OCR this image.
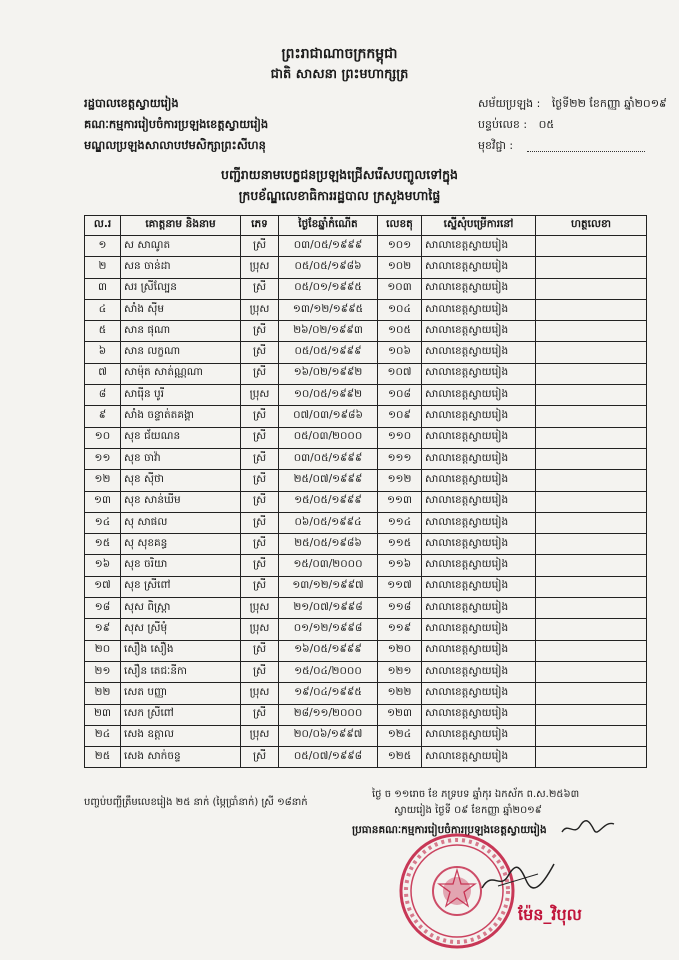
ព្រះរាជាណាចក្រកម្ពុជា
ជាតិ សាសនា ព្រះមហាក្សត្រ
រដ្ឋបាលខេត្តស្វាយរៀង
គណៈកម្មការរៀបចំការប្រឡងខេត្តស្វាយរៀង
មណ្ឌលប្រឡងសាលាបឋមសិក្សាព្រះសីហនុ
សម័យប្រឡង : ថ្ងៃទី២២ ខែកញ្ញា ឆ្នាំ២០១៩
បន្ទប់លេខ : ០៥
មុខវិជ្ជា :
បញ្ជីរាយនាមបេក្ខជនប្រឡងជ្រើសរើសបញ្ចូលទៅក្នុង
ក្របខ័ណ្ឌលេខាធិការរដ្ឋបាល ក្រសួងមហាផ្ទៃ
ល.រ	គោត្តនាម និងនាម	ភេទ	ថ្ងៃខែឆ្នាំកំណើត	លេខតុ	ស្នើសុំបម្រើការនៅ	ហត្ថលេខា
១	ស សាណូត	ស្រី	០៣/០៥/១៩៩៩	១០១	សាលាខេត្តស្វាយរៀង	
២	សន ចាន់ដា	ប្រុស	០៥/០៥/១៩៨៦	១០២	សាលាខេត្តស្វាយរៀង	
៣	សរ ស្រីល្បែន	ស្រី	០៥/០១/១៩៩៥	១០៣	សាលាខេត្តស្វាយរៀង	
៤	សាំង ស៊ីម	ប្រុស	១៣/១២/១៩៩៥	១០៤	សាលាខេត្តស្វាយរៀង	
៥	សាន ផុណា	ស្រី	២៦/០២/១៩៩៣	១០៥	សាលាខេត្តស្វាយរៀង	
៦	សាន លក្ខណា	ស្រី	០៥/០៥/១៩៩៩	១០៦	សាលាខេត្តស្វាយរៀង	
៧	សាម៉ុត សាត់ណ្ណណា	ស្រី	១៦/០២/១៩៩២	១០៧	សាលាខេត្តស្វាយរៀង	
៨	សារ៉ើន បូរី	ប្រុស	១០/០៥/១៩៩២	១០៨	សាលាខេត្តស្វាយរៀង	
៩	សាំង ចន្ទាត់តគង្គា	ស្រី	០៧/០៣/១៩៨៦	១០៩	សាលាខេត្តស្វាយរៀង	
១០	សុខ ជ័យណន	ស្រី	០៥/០៣/២០០០	១១០	សាលាខេត្តស្វាយរៀង	
១១	សុខ ចាវ៉ា	ស្រី	០៣/០៥/១៩៩៩	១១១	សាលាខេត្តស្វាយរៀង	
១២	សុខ ស៊ីថា	ស្រី	២៥/០៧/១៩៩៩	១១២	សាលាខេត្តស្វាយរៀង	
១៣	សុខ សាន់ឃីម	ស្រី	១៥/០៥/១៩៩៩	១១៣	សាលាខេត្តស្វាយរៀង	
១៤	សុ សាផល	ស្រី	០៦/០៥/១៩៩៤	១១៤	សាលាខេត្តស្វាយរៀង	
១៥	សុ សុខគន្ធ	ស្រី	២៥/០៥/១៩៨៦	១១៥	សាលាខេត្តស្វាយរៀង	
១៦	សុខ ចរិយា	ស្រី	១៥/០៣/២០០០	១១៦	សាលាខេត្តស្វាយរៀង	
១៧	សុខ ស្រីពៅ	ស្រី	១៣/១២/១៩៩៧	១១៧	សាលាខេត្តស្វាយរៀង	
១៨	សុស ពិស្ត្រា	ប្រុស	២១/០៧/១៩៩៨	១១៨	សាលាខេត្តស្វាយរៀង	
១៩	សុស ស្រីមុំ	ប្រុស	០១/១២/១៩៩៨	១១៩	សាលាខេត្តស្វាយរៀង	
២០	សឿង សឿង	ស្រី	១៦/០៥/១៩៩៩	១២០	សាលាខេត្តស្វាយរៀង	
២១	សឿន តេជៈនីកា	ស្រី	១៥/០៤/២០០០	១២១	សាលាខេត្តស្វាយរៀង	
២២	សេត បញ្ញា	ប្រុស	១៩/០៤/១៩៩៥	១២២	សាលាខេត្តស្វាយរៀង	
២៣	សេក ស្រីពៅ	ស្រី	២៨/១១/២០០០	១២៣	សាលាខេត្តស្វាយរៀង	
២៤	សេង ឧត្តាល	ប្រុស	២០/០៦/១៩៩៧	១២៤	សាលាខេត្តស្វាយរៀង	
២៥	សេង សាក់ចន្ទ	ស្រី	០៥/០៧/១៩៩៨	១២៥	សាលាខេត្តស្វាយរៀង	
បញ្ចប់បញ្ជីត្រឹមលេខរៀង ២៥ នាក់ (ម្ភៃប្រាំនាក់) ស្រី ១៨នាក់
ថ្ងៃ ច ១១រោច ខែ ភទ្របទ ឆ្នាំកុរ ឯកស័ក ព.ស.២៥៦៣
ស្វាយរៀង ថ្ងៃទី ០៩ ខែកញ្ញា ឆ្នាំ២០១៩
ប្រធានគណៈកម្មការរៀបចំការប្រឡងខេត្តស្វាយរៀង
ម៉ែន_វិបុល
